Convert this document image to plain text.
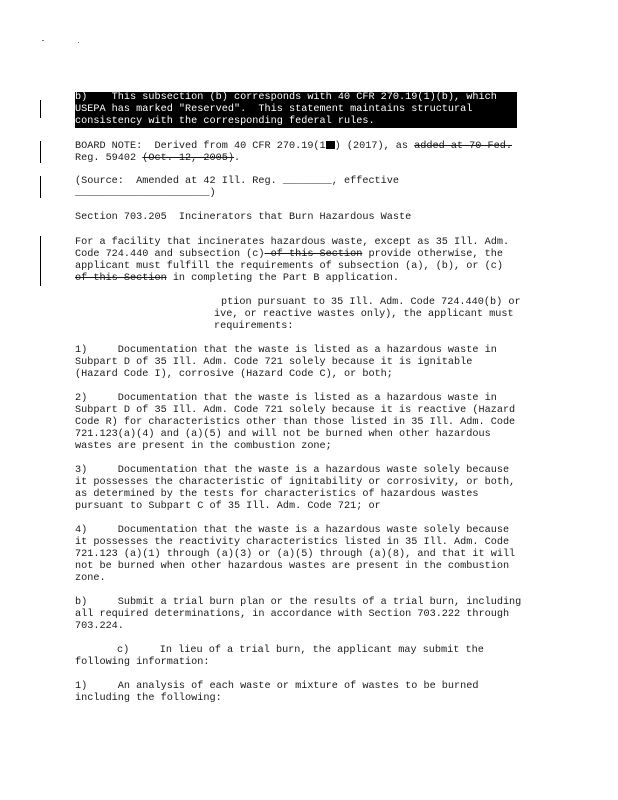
b)    This subsection (b) corresponds with 40 CFR 270.19(1)(b), which
USEPA has marked "Reserved".  This statement maintains structural
consistency with the corresponding federal rules.
BOARD NOTE:  Derived from 40 CFR 270.19(1 ) (2017), as added at 70 Fed.
Reg. 59402 (Oct. 12, 2005).
(Source:  Amended at 42 Ill. Reg. ________, effective
______________________)
Section 703.205  Incinerators that Burn Hazardous Waste
For a facility that incinerates hazardous waste, except as 35 Ill. Adm.
Code 724.440 and subsection (c) of this Section provide otherwise, the
applicant must fulfill the requirements of subsection (a), (b), or (c)
of this Section in completing the Part B application.
ption pursuant to 35 Ill. Adm. Code 724.440(b) or
ive, or reactive wastes only), the applicant must
requirements:
1)     Documentation that the waste is listed as a hazardous waste in
Subpart D of 35 Ill. Adm. Code 721 solely because it is ignitable
(Hazard Code I), corrosive (Hazard Code C), or both;
2)     Documentation that the waste is listed as a hazardous waste in
Subpart D of 35 Ill. Adm. Code 721 solely because it is reactive (Hazard
Code R) for characteristics other than those listed in 35 Ill. Adm. Code
721.123(a)(4) and (a)(5) and will not be burned when other hazardous
wastes are present in the combustion zone;
3)     Documentation that the waste is a hazardous waste solely because
it possesses the characteristic of ignitability or corrosivity, or both,
as determined by the tests for characteristics of hazardous wastes
pursuant to Subpart C of 35 Ill. Adm. Code 721; or
4)     Documentation that the waste is a hazardous waste solely because
it possesses the reactivity characteristics listed in 35 Ill. Adm. Code
721.123 (a)(1) through (a)(3) or (a)(5) through (a)(8), and that it will
not be burned when other hazardous wastes are present in the combustion
zone.
b)     Submit a trial burn plan or the results of a trial burn, including
all required determinations, in accordance with Section 703.222 through
703.224.
c)     In lieu of a trial burn, the applicant may submit the
following information:
1)     An analysis of each waste or mixture of wastes to be burned
including the following:
